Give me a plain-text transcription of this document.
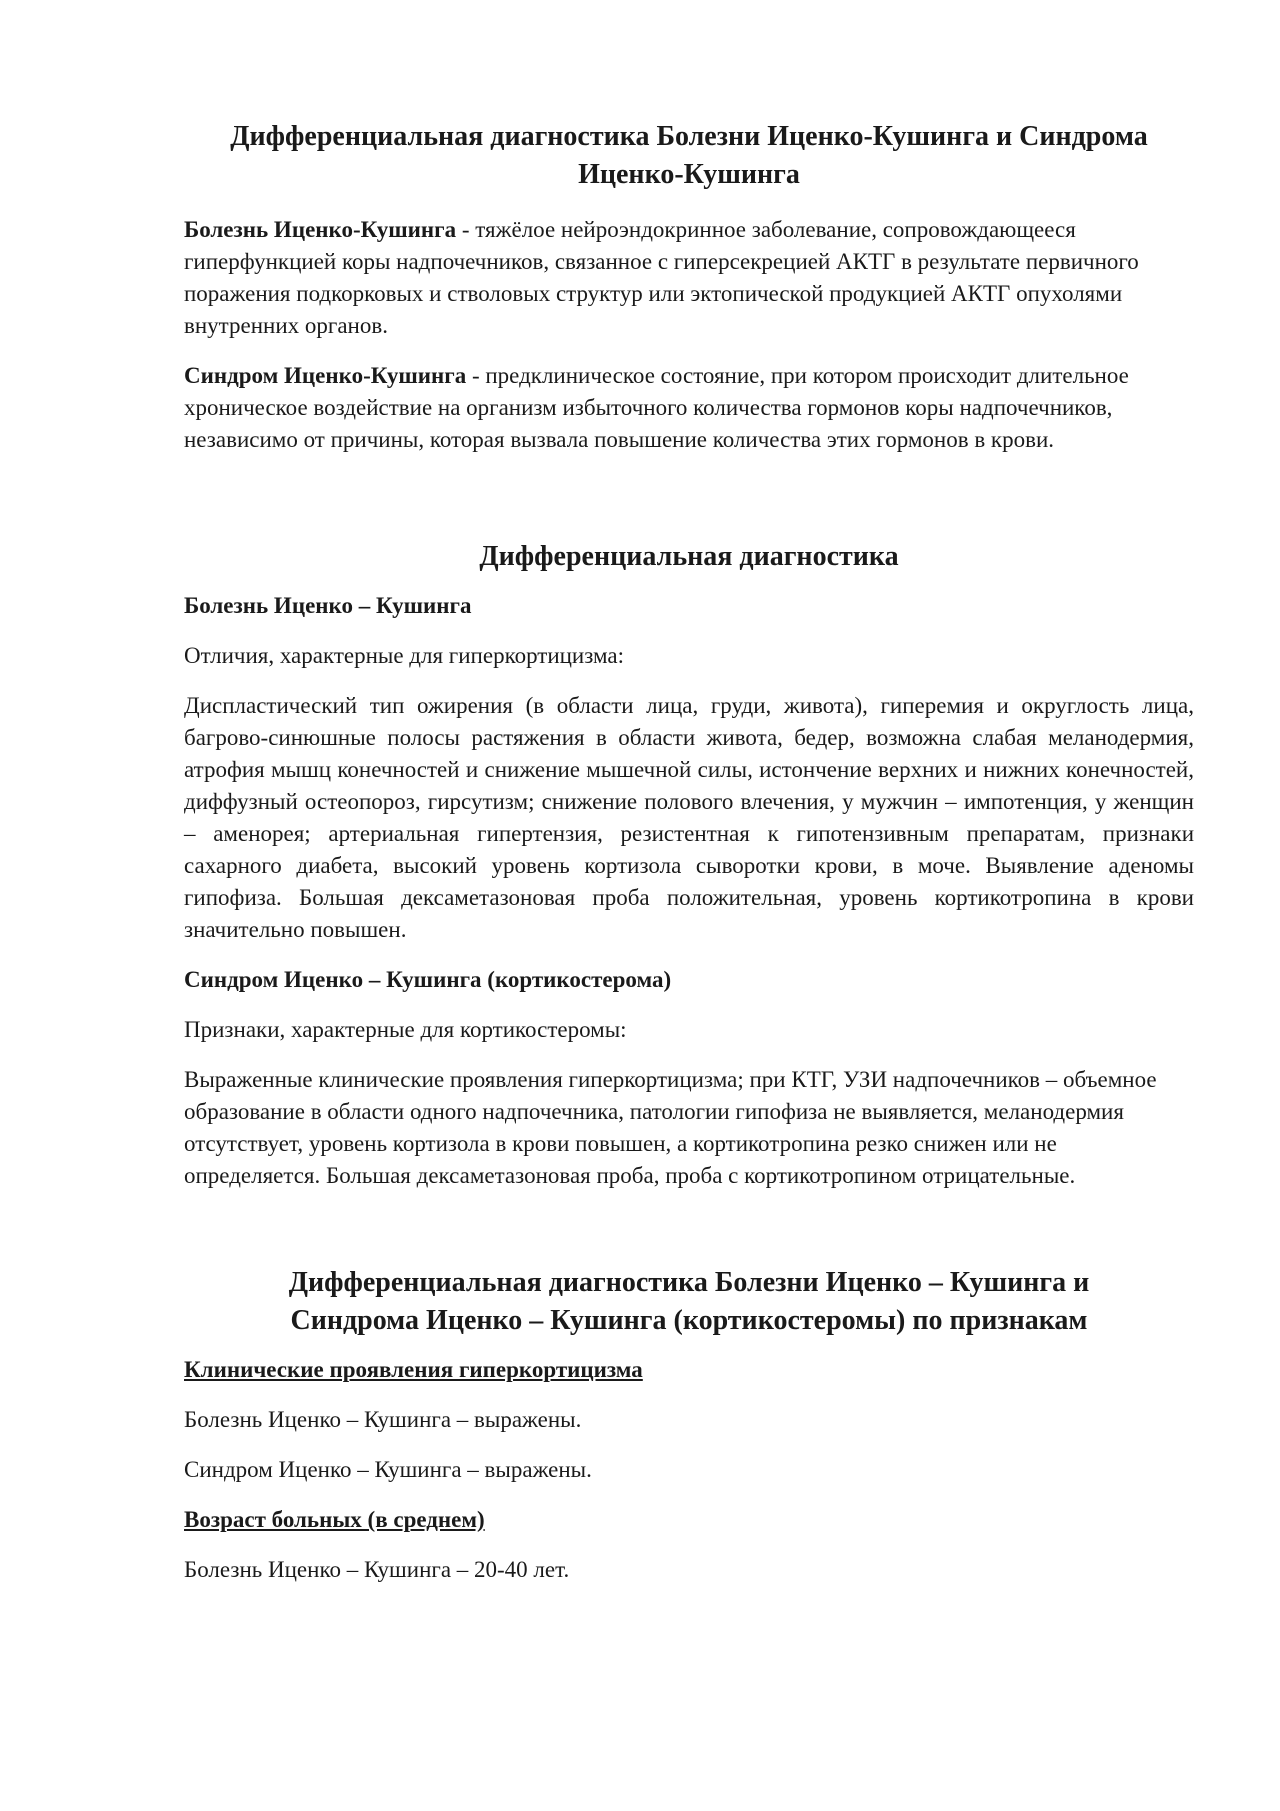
Дифференциальная диагностика Болезни Иценко-Кушинга и Синдрома Иценко-Кушинга

Болезнь Иценко-Кушинга - тяжёлое нейроэндокринное заболевание, сопровождающееся гиперфункцией коры надпочечников, связанное с гиперсекрецией АКТГ в результате первичного поражения подкорковых и стволовых структур или эктопической продукцией АКТГ опухолями внутренних органов.

Синдром Иценко-Кушинга - предклиническое состояние, при котором происходит длительное хроническое воздействие на организм избыточного количества гормонов коры надпочечников, независимо от причины, которая вызвала повышение количества этих гормонов в крови.

Дифференциальная диагностика

Болезнь Иценко – Кушинга

Отличия, характерные для гиперкортицизма:

Диспластический тип ожирения (в области лица, груди, живота), гиперемия и округлость лица, багрово-синюшные полосы растяжения в области живота, бедер, возможна слабая меланодермия, атрофия мышц конечностей и снижение мышечной силы, истончение верхних и нижних конечностей, диффузный остеопороз, гирсутизм; снижение полового влечения, у мужчин – импотенция, у женщин – аменорея; артериальная гипертензия, резистентная к гипотензивным препаратам, признаки сахарного диабета, высокий уровень кортизола сыворотки крови, в моче. Выявление аденомы гипофиза. Большая дексаметазоновая проба положительная, уровень кортикотропина в крови значительно повышен.

Синдром Иценко – Кушинга (кортикостерома)

Признаки, характерные для кортикостеромы:

Выраженные клинические проявления гиперкортицизма; при КТГ, УЗИ надпочечников – объемное образование в области одного надпочечника, патологии гипофиза не выявляется, меланодермия отсутствует, уровень кортизола в крови повышен, а кортикотропина резко снижен или не определяется. Большая дексаметазоновая проба, проба с кортикотропином отрицательные.

Дифференциальная диагностика Болезни Иценко – Кушинга и Синдрома Иценко – Кушинга (кортикостеромы) по признакам

Клинические проявления гиперкортицизма

Болезнь Иценко – Кушинга – выражены.

Синдром Иценко – Кушинга – выражены.

Возраст больных (в среднем)

Болезнь Иценко – Кушинга – 20-40 лет.
